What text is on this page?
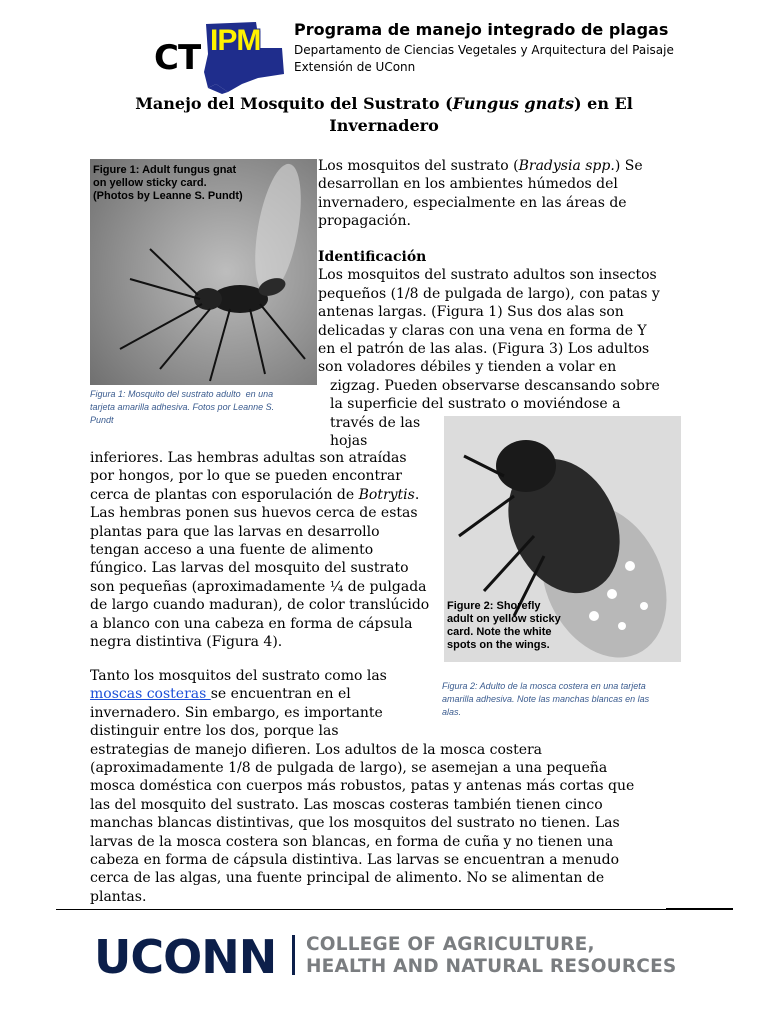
CT IPM Programa de manejo integrado de plagas
Departamento de Ciencias Vegetales y Arquitectura del Paisaje
Extensión de UConn
Manejo del Mosquito del Sustrato (Fungus gnats) en El
Invernadero
Figure 1: Adult fungus gnat
on yellow sticky card.
(Photos by Leanne S. Pundt)
Figura 1: Mosquito del sustrato adulto  en una
tarjeta amarilla adhesiva. Fotos por Leanne S.
Pundt
Figure 2: Shorefly
adult on yellow sticky
card. Note the white
spots on the wings.
Figura 2: Adulto de la mosca costera en una tarjeta
amarilla adhesiva. Note las manchas blancas en las
alas.
Los mosquitos del sustrato (Bradysia spp.) Se
desarrollan en los ambientes húmedos del
invernadero, especialmente en las áreas de
propagación.
Identificación
Los mosquitos del sustrato adultos son insectos
pequeños (1/8 de pulgada de largo), con patas y
antenas largas. (Figura 1) Sus dos alas son
delicadas y claras con una vena en forma de Y
en el patrón de las alas. (Figura 3) Los adultos
son voladores débiles y tienden a volar en
zigzag. Pueden observarse descansando sobre
la superficie del sustrato o moviéndose a
través de las
hojas
inferiores. Las hembras adultas son atraídas
por hongos, por lo que se pueden encontrar
cerca de plantas con esporulación de Botrytis.
Las hembras ponen sus huevos cerca de estas
plantas para que las larvas en desarrollo
tengan acceso a una fuente de alimento
fúngico. Las larvas del mosquito del sustrato
son pequeñas (aproximadamente ¼ de pulgada
de largo cuando maduran), de color translúcido
a blanco con una cabeza en forma de cápsula
negra distintiva (Figura 4).
Tanto los mosquitos del sustrato como las
moscas costeras se encuentran en el
invernadero. Sin embargo, es importante
distinguir entre los dos, porque las
estrategias de manejo difieren. Los adultos de la mosca costera
(aproximadamente 1/8 de pulgada de largo), se asemejan a una pequeña
mosca doméstica con cuerpos más robustos, patas y antenas más cortas que
las del mosquito del sustrato. Las moscas costeras también tienen cinco
manchas blancas distintivas, que los mosquitos del sustrato no tienen. Las
larvas de la mosca costera son blancas, en forma de cuña y no tienen una
cabeza en forma de cápsula distintiva. Las larvas se encuentran a menudo
cerca de las algas, una fuente principal de alimento. No se alimentan de
plantas.
UCONN COLLEGE OF AGRICULTURE,
HEALTH AND NATURAL RESOURCES
